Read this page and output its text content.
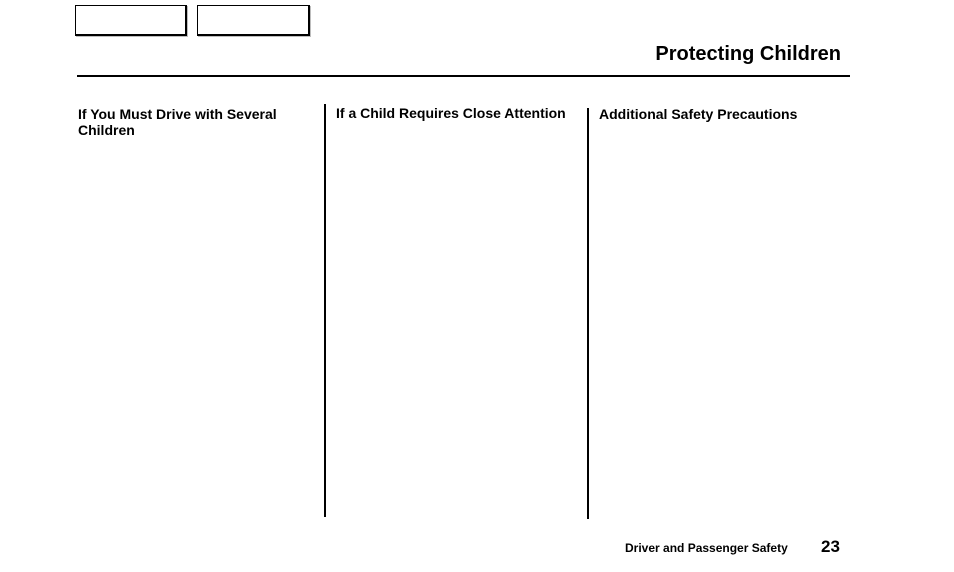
Protecting Children
If You Must Drive with Several Children
If a Child Requires Close Attention Additional Safety Precautions
Driver and Passenger Safety 23
